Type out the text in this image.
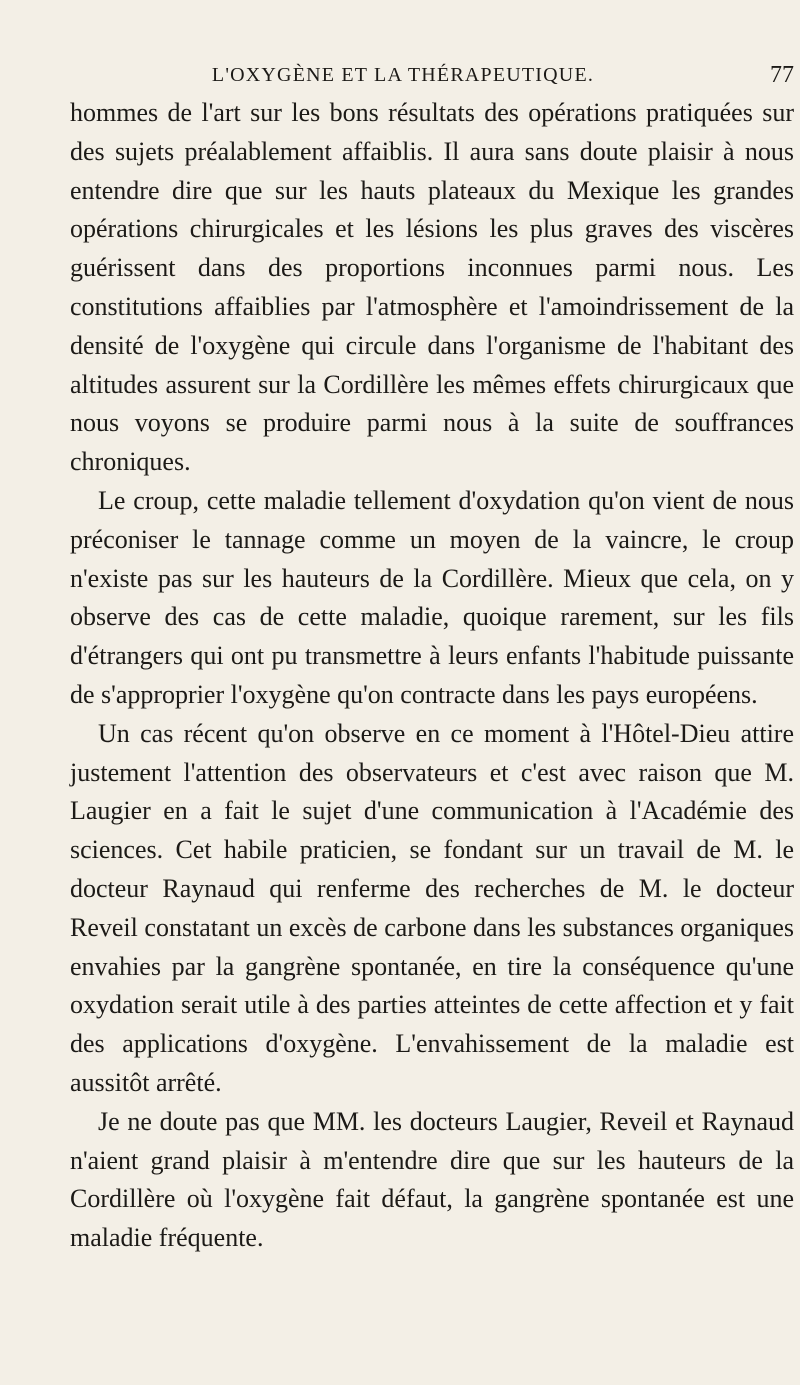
L'OXYGÈNE ET LA THÉRAPEUTIQUE.	77

hommes de l'art sur les bons résultats des opérations pratiquées sur des sujets préalablement affaiblis. Il aura sans doute plaisir à nous entendre dire que sur les hauts plateaux du Mexique les grandes opérations chirurgicales et les lésions les plus graves des viscères guérissent dans des proportions inconnues parmi nous. Les constitutions affaiblies par l'atmosphère et l'amoindrissement de la densité de l'oxygène qui circule dans l'organisme de l'habitant des altitudes assurent sur la Cordillère les mêmes effets chirurgicaux que nous voyons se produire parmi nous à la suite de souffrances chroniques.

Le croup, cette maladie tellement d'oxydation qu'on vient de nous préconiser le tannage comme un moyen de la vaincre, le croup n'existe pas sur les hauteurs de la Cordillère. Mieux que cela, on y observe des cas de cette maladie, quoique rarement, sur les fils d'étrangers qui ont pu transmettre à leurs enfants l'habitude puissante de s'approprier l'oxygène qu'on contracte dans les pays européens.

Un cas récent qu'on observe en ce moment à l'Hôtel-Dieu attire justement l'attention des observateurs et c'est avec raison que M. Laugier en a fait le sujet d'une communication à l'Académie des sciences. Cet habile praticien, se fondant sur un travail de M. le docteur Raynaud qui renferme des recherches de M. le docteur Reveil constatant un excès de carbone dans les substances organiques envahies par la gangrène spontanée, en tire la conséquence qu'une oxydation serait utile à des parties atteintes de cette affection et y fait des applications d'oxygène. L'envahissement de la maladie est aussitôt arrêté.

Je ne doute pas que MM. les docteurs Laugier, Reveil et Raynaud n'aient grand plaisir à m'entendre dire que sur les hauteurs de la Cordillère où l'oxygène fait défaut, la gangrène spontanée est une maladie fréquente.
